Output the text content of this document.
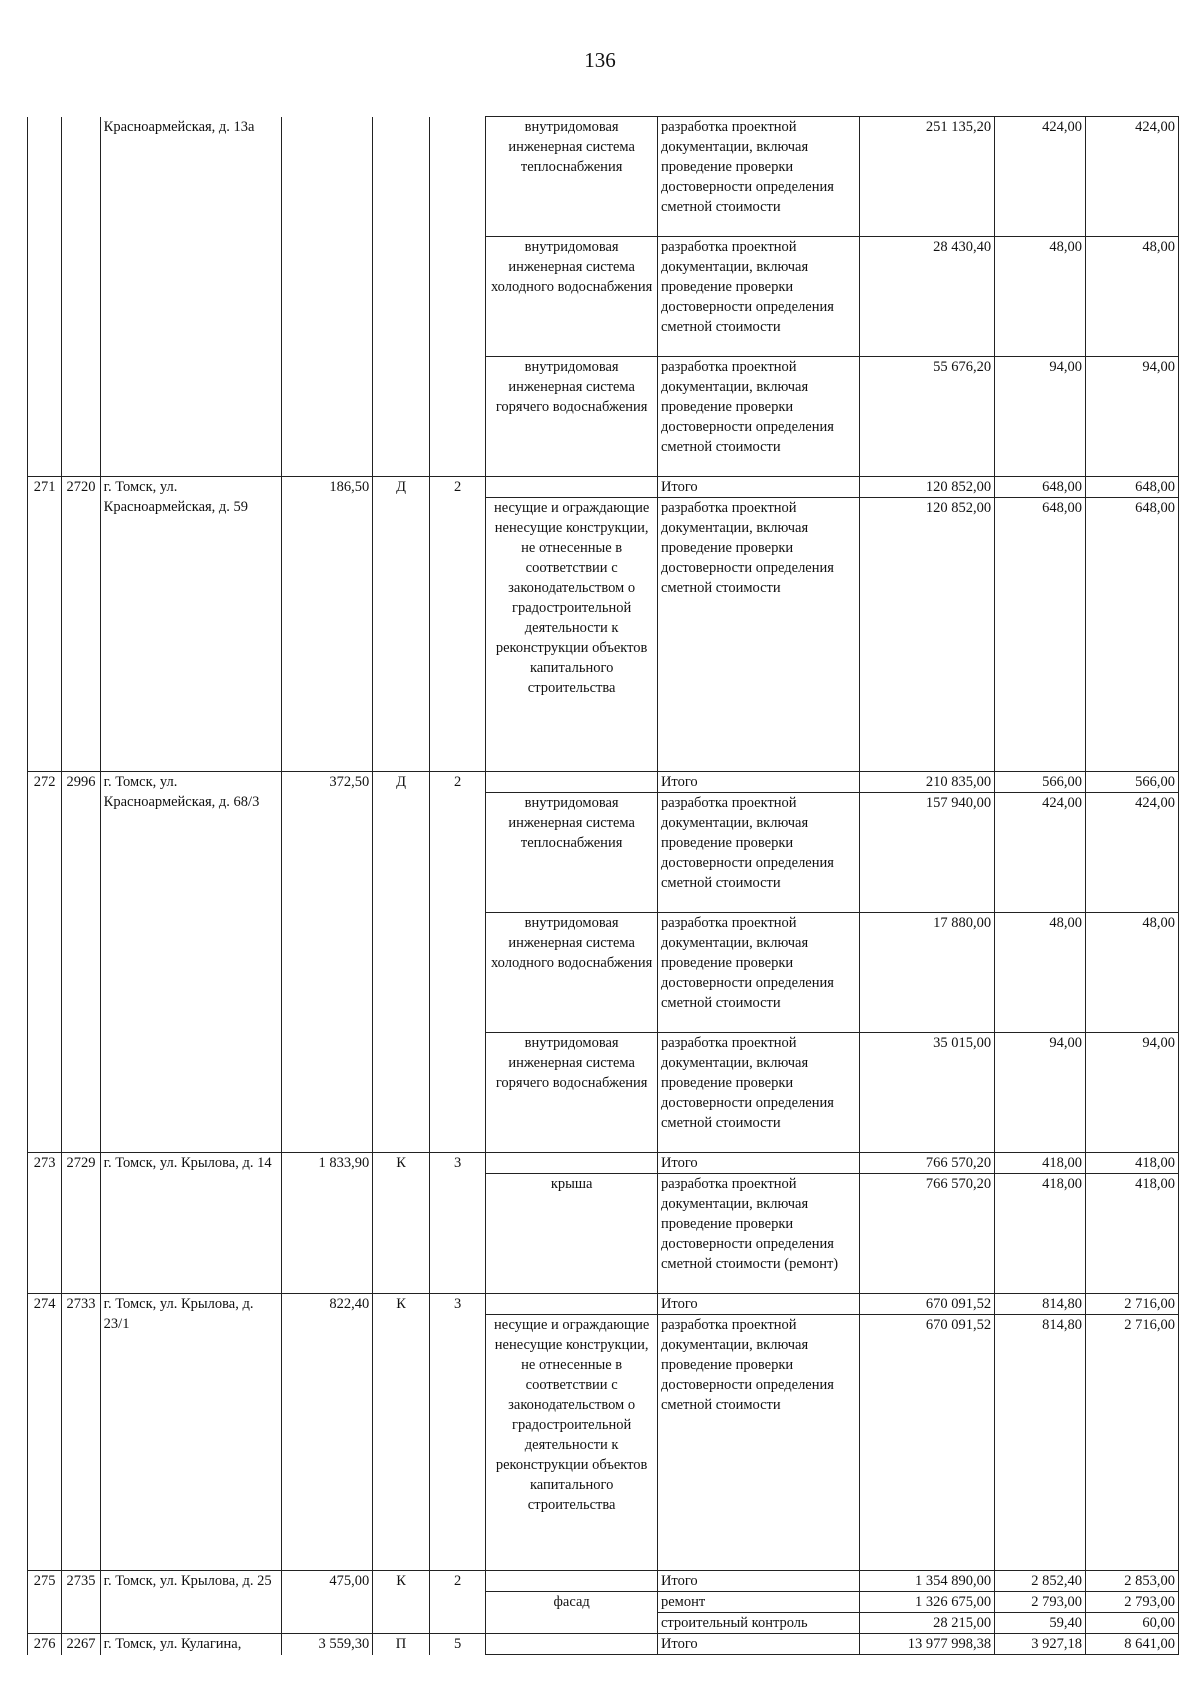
136
		Красноармейская, д. 13а				внутридомовая инженерная система теплоснабжения	разработка проектной документации, включая проведение проверки достоверности определения сметной стоимости	251 135,20	424,00	424,00
						внутридомовая инженерная система холодного водоснабжения	разработка проектной документации, включая проведение проверки достоверности определения сметной стоимости	28 430,40	48,00	48,00
						внутридомовая инженерная система горячего водоснабжения	разработка проектной документации, включая проведение проверки достоверности определения сметной стоимости	55 676,20	94,00	94,00
271	2720	г. Томск, ул. Красноармейская, д. 59	186,50	Д	2		Итого	120 852,00	648,00	648,00
						несущие и ограждающие ненесущие конструкции, не отнесенные в соответствии с законодательством о градостроительной деятельности к реконструкции объектов капитального строительства	разработка проектной документации, включая проведение проверки достоверности определения сметной стоимости	120 852,00	648,00	648,00
272	2996	г. Томск, ул. Красноармейская, д. 68/3	372,50	Д	2		Итого	210 835,00	566,00	566,00
						внутридомовая инженерная система теплоснабжения	разработка проектной документации, включая проведение проверки достоверности определения сметной стоимости	157 940,00	424,00	424,00
						внутридомовая инженерная система холодного водоснабжения	разработка проектной документации, включая проведение проверки достоверности определения сметной стоимости	17 880,00	48,00	48,00
						внутридомовая инженерная система горячего водоснабжения	разработка проектной документации, включая проведение проверки достоверности определения сметной стоимости	35 015,00	94,00	94,00
273	2729	г. Томск, ул. Крылова, д. 14	1 833,90	К	3		Итого	766 570,20	418,00	418,00
						крыша	разработка проектной документации, включая проведение проверки достоверности определения сметной стоимости (ремонт)	766 570,20	418,00	418,00
274	2733	г. Томск, ул. Крылова, д. 23/1	822,40	К	3		Итого	670 091,52	814,80	2 716,00
						несущие и ограждающие ненесущие конструкции, не отнесенные в соответствии с законодательством о градостроительной деятельности к реконструкции объектов капитального строительства	разработка проектной документации, включая проведение проверки достоверности определения сметной стоимости	670 091,52	814,80	2 716,00
275	2735	г. Томск, ул. Крылова, д. 25	475,00	К	2		Итого	1 354 890,00	2 852,40	2 853,00
						фасад	ремонт	1 326 675,00	2 793,00	2 793,00
							строительный контроль	28 215,00	59,40	60,00
276	2267	г. Томск, ул. Кулагина,	3 559,30	П	5		Итого	13 977 998,38	3 927,18	8 641,00
